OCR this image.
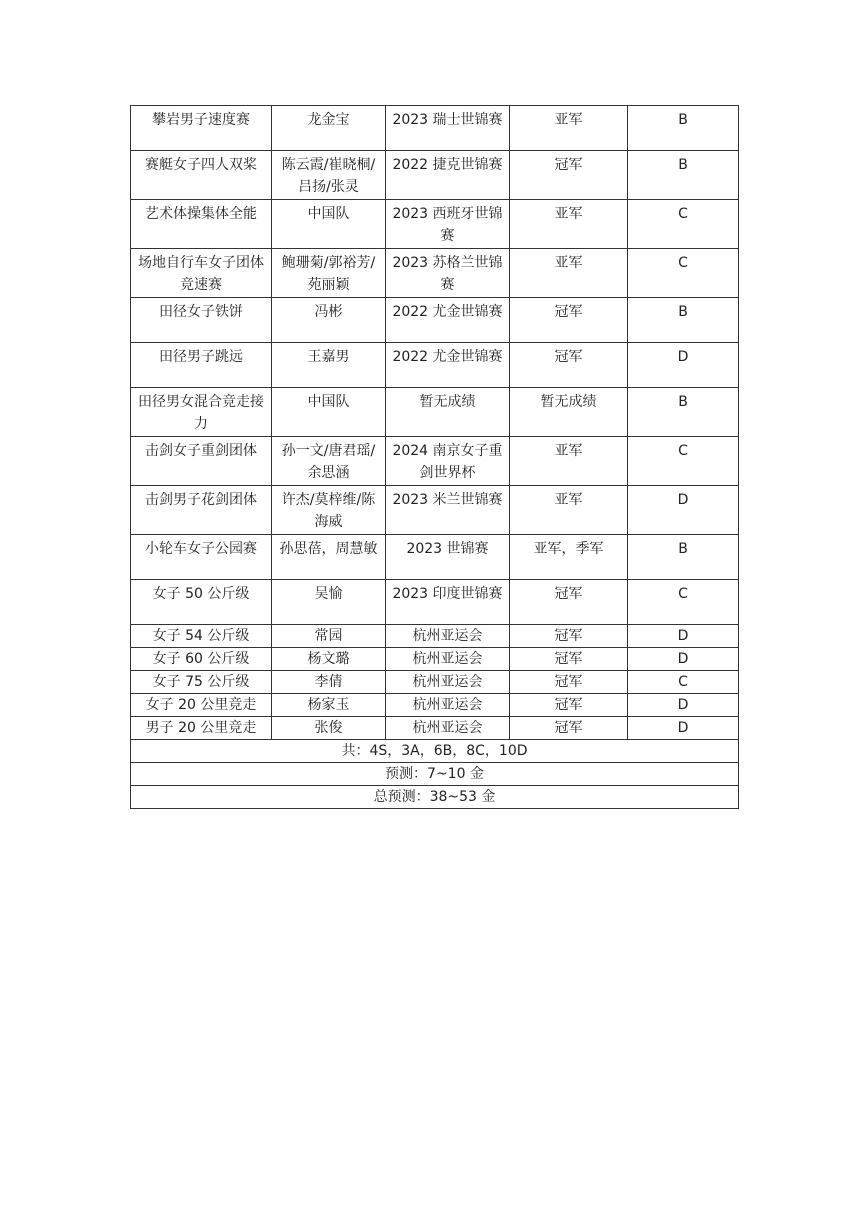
攀岩男子速度赛	龙金宝	2023 瑞士世锦赛	亚军	B
赛艇女子四人双桨	陈云霞/崔晓桐/吕扬/张灵	2022 捷克世锦赛	冠军	B
艺术体操集体全能	中国队	2023 西班牙世锦赛	亚军	C
场地自行车女子团体竞速赛	鲍珊菊/郭裕芳/苑丽颖	2023 苏格兰世锦赛	亚军	C
田径女子铁饼	冯彬	2022 尤金世锦赛	冠军	B
田径男子跳远	王嘉男	2022 尤金世锦赛	冠军	D
田径男女混合竞走接力	中国队	暂无成绩	暂无成绩	B
击剑女子重剑团体	孙一文/唐君瑶/余思涵	2024 南京女子重剑世界杯	亚军	C
击剑男子花剑团体	许杰/莫梓维/陈海威	2023 米兰世锦赛	亚军	D
小轮车女子公园赛	孙思蓓，周慧敏	2023 世锦赛	亚军，季军	B
女子 50 公斤级	吴愉	2023 印度世锦赛	冠军	C
女子 54 公斤级	常园	杭州亚运会	冠军	D
女子 60 公斤级	杨文璐	杭州亚运会	冠军	D
女子 75 公斤级	李倩	杭州亚运会	冠军	C
女子 20 公里竞走	杨家玉	杭州亚运会	冠军	D
男子 20 公里竞走	张俊	杭州亚运会	冠军	D
共：4S，3A，6B，8C，10D				
预测：7~10 金				
总预测：38~53 金				
